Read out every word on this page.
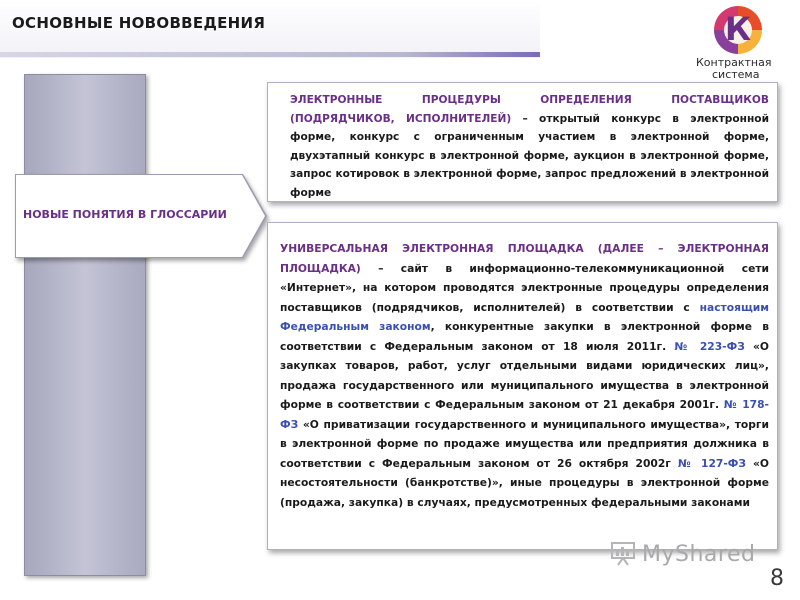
ОСНОВНЫЕ НОВОВВЕДЕНИЯ	К
Контрактная
система
НОВЫЕ ПОНЯТИЯ В ГЛОССАРИИ

ЭЛЕКТРОННЫЕ ПРОЦЕДУРЫ ОПРЕДЕЛЕНИЯ ПОСТАВЩИКОВ (ПОДРЯДЧИКОВ, ИСПОЛНИТЕЛЕЙ) – открытый конкурс в электронной форме, конкурс с ограниченным участием в электронной форме, двухэтапный конкурс в электронной форме, аукцион в электронной форме, запрос котировок в электронной форме, запрос предложений в электронной форме

УНИВЕРСАЛЬНАЯ ЭЛЕКТРОННАЯ ПЛОЩАДКА (ДАЛЕЕ – ЭЛЕКТРОННАЯ ПЛОЩАДКА) – сайт в информационно-телекоммуникационной сети «Интернет», на котором проводятся электронные процедуры определения поставщиков (подрядчиков, исполнителей) в соответствии с настоящим Федеральным законом, конкурентные закупки в электронной форме в соответствии с Федеральным законом от 18 июля 2011г. № 223-ФЗ «О закупках товаров, работ, услуг отдельными видами юридических лиц», продажа государственного или муниципального имущества в электронной форме в соответствии с Федеральным законом от 21 декабря 2001г. № 178-ФЗ «О приватизации государственного и муниципального имущества», торги в электронной форме по продаже имущества или предприятия должника в соответствии с Федеральным законом от 26 октября 2002г № 127-ФЗ «О несостоятельности (банкротстве)», иные процедуры в электронной форме (продажа, закупка) в случаях, предусмотренных федеральными законами

MyShared
8
